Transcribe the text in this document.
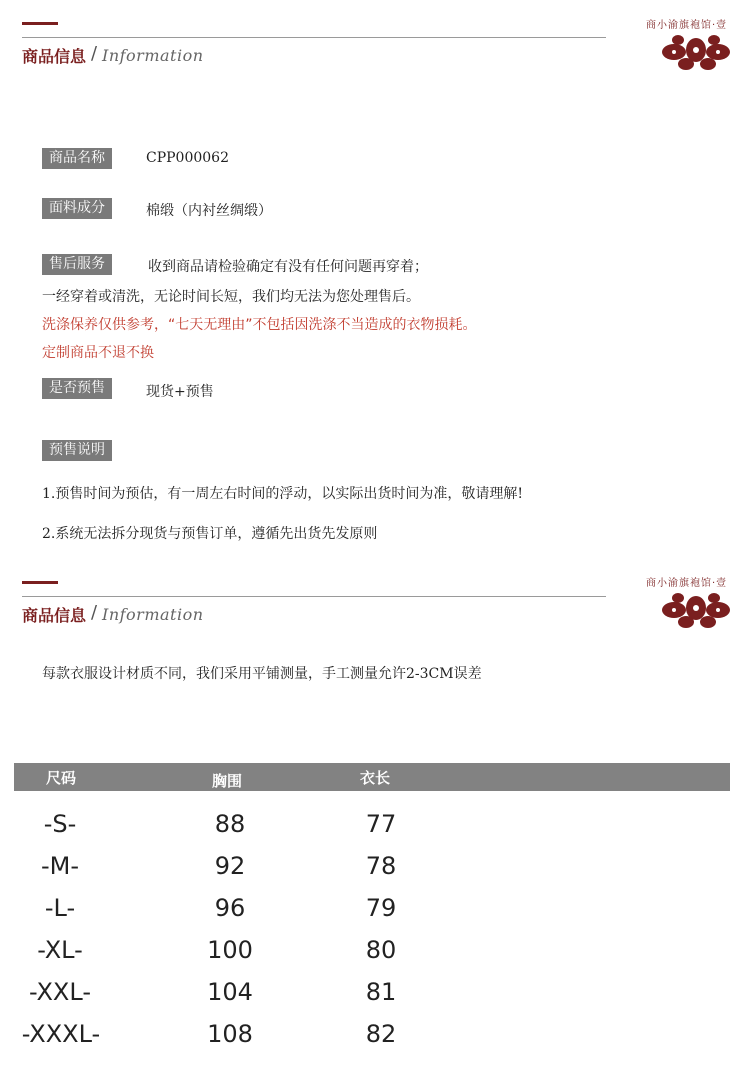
商品信息 / Information
商小渝旗袍馆·壹
商品名称	CPP000062
面料成分	棉缎（内衬丝绸缎）
售后服务	收到商品请检验确定有没有任何问题再穿着；
一经穿着或清洗，无论时间长短，我们均无法为您处理售后。
洗涤保养仅供参考，“七天无理由”不包括因洗涤不当造成的衣物损耗。
定制商品不退不换
是否预售	现货+预售
预售说明
1.预售时间为预估，有一周左右时间的浮动，以实际出货时间为准，敬请理解!
2.系统无法拆分现货与预售订单，遵循先出货先发原则
商品信息 / Information
商小渝旗袍馆·壹
每款衣服设计材质不同，我们采用平铺测量，手工测量允许2-3CM误差
尺码	胸围	衣长
-S-	88	77
-M-	92	78
-L-	96	79
-XL-	100	80
-XXL-	104	81
-XXXL-	108	82
